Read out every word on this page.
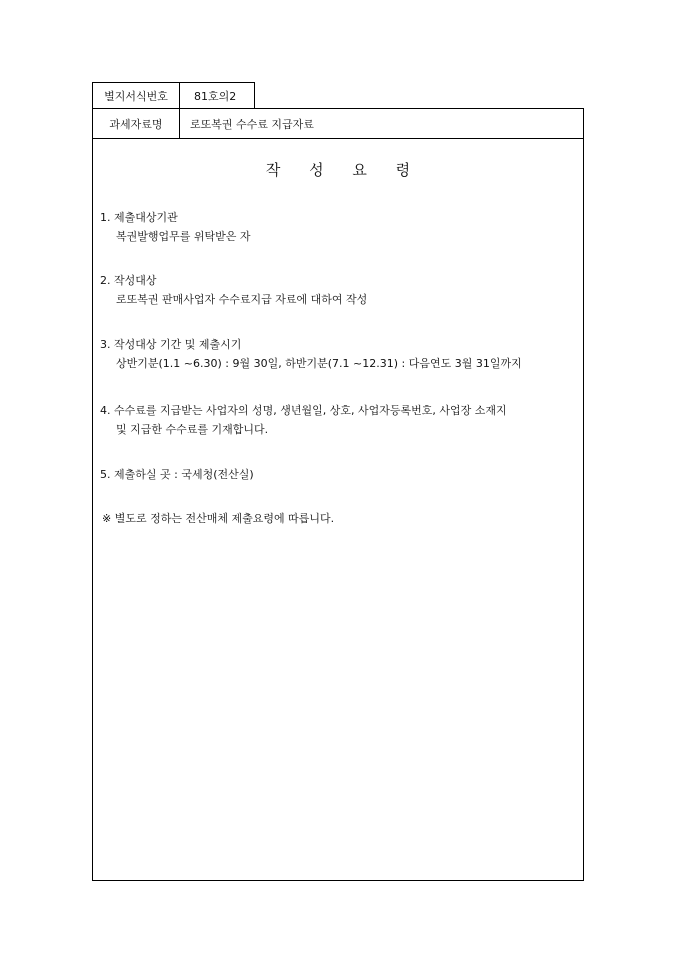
별지서식번호	81호의2
과세자료명	로또복권 수수료 지급자료
작 성 요 령
1. 제출대상기관
복권발행업무를 위탁받은 자
2. 작성대상
로또복권 판매사업자 수수료지급 자료에 대하여 작성
3. 작성대상 기간 및 제출시기
상반기분(1.1 ~6.30) : 9월 30일, 하반기분(7.1 ~12.31) : 다음연도 3월 31일까지
4. 수수료를 지급받는 사업자의 성명, 생년월일, 상호, 사업자등록번호, 사업장 소재지
및 지급한 수수료를 기재합니다.
5. 제출하실 곳 : 국세청(전산실)
※ 별도로 정하는 전산매체 제출요령에 따릅니다.
